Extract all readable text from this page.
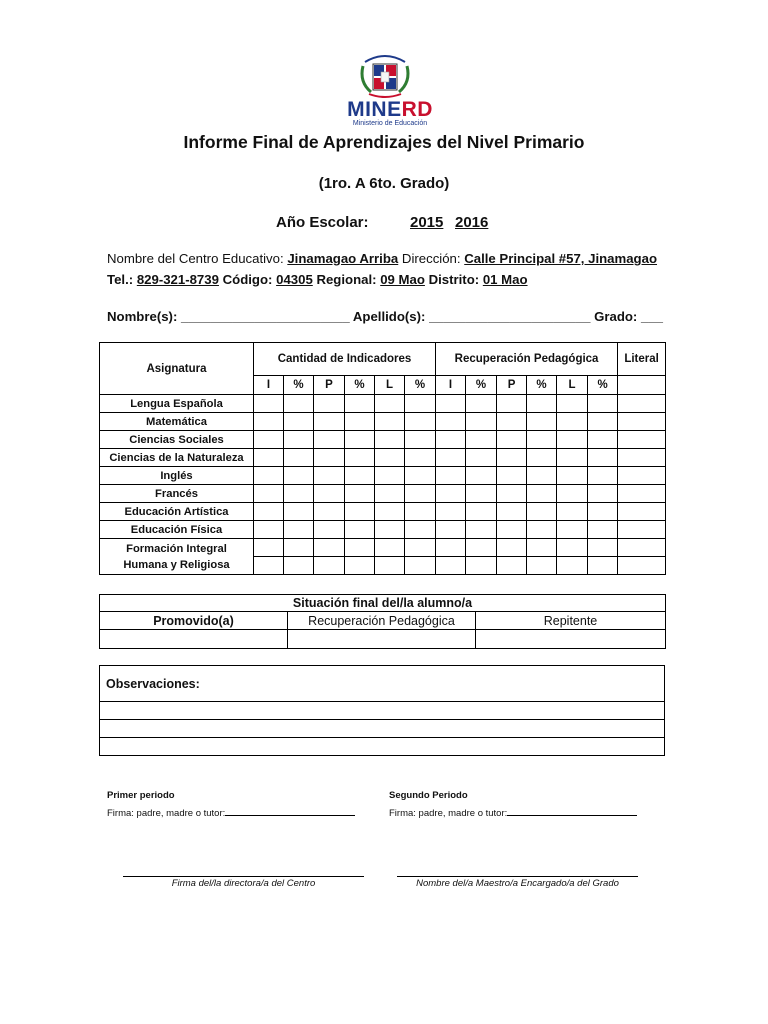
MINERD
Ministerio de Educación
Informe Final de Aprendizajes del Nivel Primario
(1ro. A 6to. Grado)
Año Escolar:	2015 2016
Nombre del Centro Educativo: Jinamagao Arriba Dirección: Calle Principal #57, Jinamagao
Tel.: 829-321-8739 Código: 04305 Regional: 09 Mao Distrito: 01 Mao
Nombre(s): _______________________ Apellido(s): ______________________ Grado: ___
Asignatura	Cantidad de Indicadores						Recuperación Pedagógica						Literal
	I	%	P	%	L	%	I	%	P	%	L	%	
Lengua Española													
Matemática													
Ciencias Sociales													
Ciencias de la Naturaleza													
Inglés													
Francés													
Educación Artística													
Educación Física													

Formación Integral
Humana y Religiosa													

Situación final del/la alumno/a		
Promovido(a)	Recuperación Pedagógica	Repitente

Observaciones:

Primer periodo
Firma: padre, madre o tutor:
Segundo Periodo
Firma: padre, madre o tutor:
Firma del/la directora/a del Centro	Nombre del/a Maestro/a Encargado/a del Grado
